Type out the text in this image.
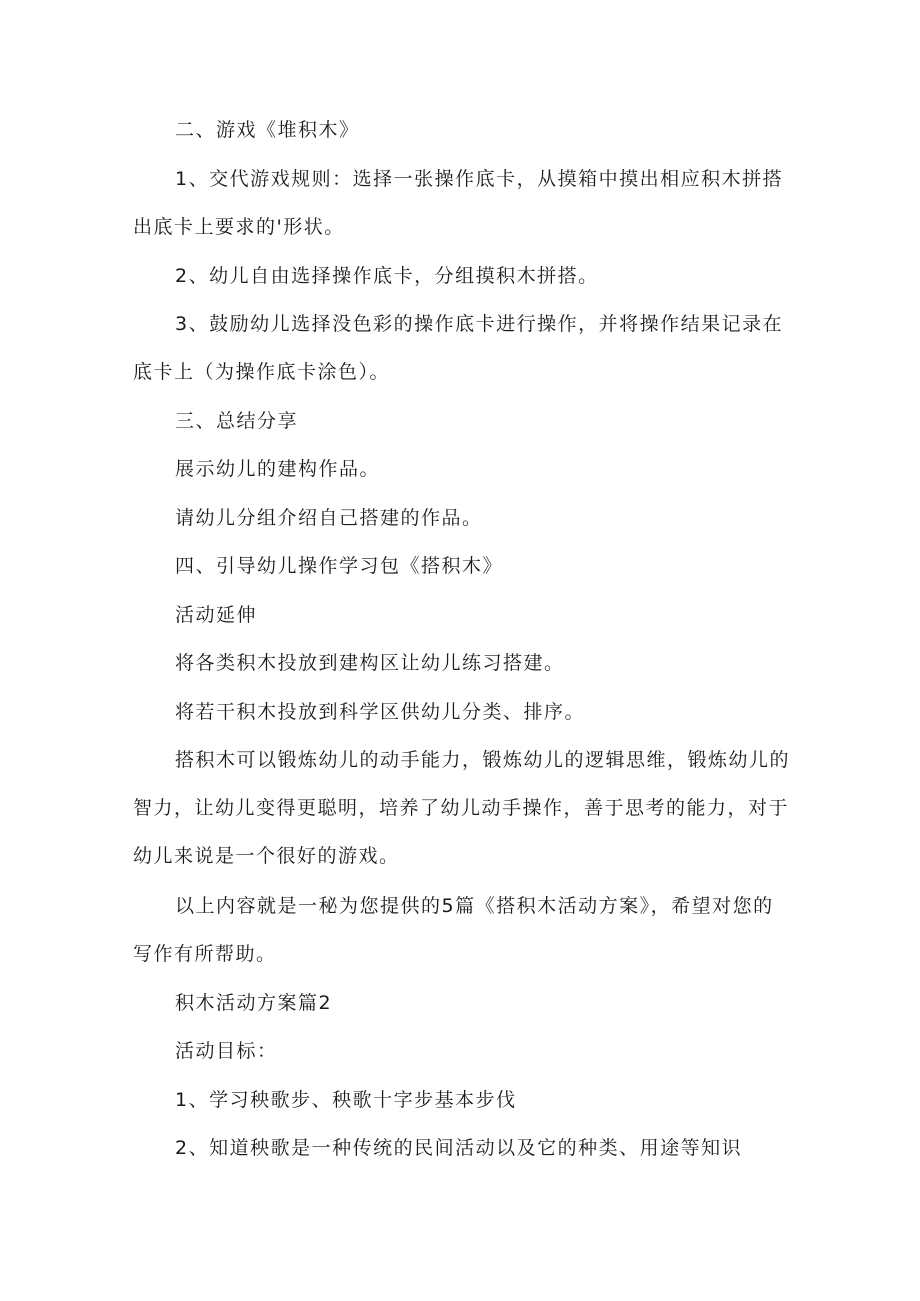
二、游戏《堆积木》

1、交代游戏规则：选择一张操作底卡，从摸箱中摸出相应积木拼搭出底卡上要求的'形状。

2、幼儿自由选择操作底卡，分组摸积木拼搭。

3、鼓励幼儿选择没色彩的操作底卡进行操作，并将操作结果记录在底卡上（为操作底卡涂色）。

三、总结分享

展示幼儿的建构作品。

请幼儿分组介绍自己搭建的作品。

四、引导幼儿操作学习包《搭积木》

活动延伸

将各类积木投放到建构区让幼儿练习搭建。

将若干积木投放到科学区供幼儿分类、排序。

搭积木可以锻炼幼儿的动手能力，锻炼幼儿的逻辑思维，锻炼幼儿的智力，让幼儿变得更聪明，培养了幼儿动手操作，善于思考的能力，对于幼儿来说是一个很好的游戏。

以上内容就是一秘为您提供的5篇《搭积木活动方案》，希望对您的写作有所帮助。

积木活动方案篇2

活动目标：

1、学习秧歌步、秧歌十字步基本步伐

2、知道秧歌是一种传统的民间活动以及它的种类、用途等知识
